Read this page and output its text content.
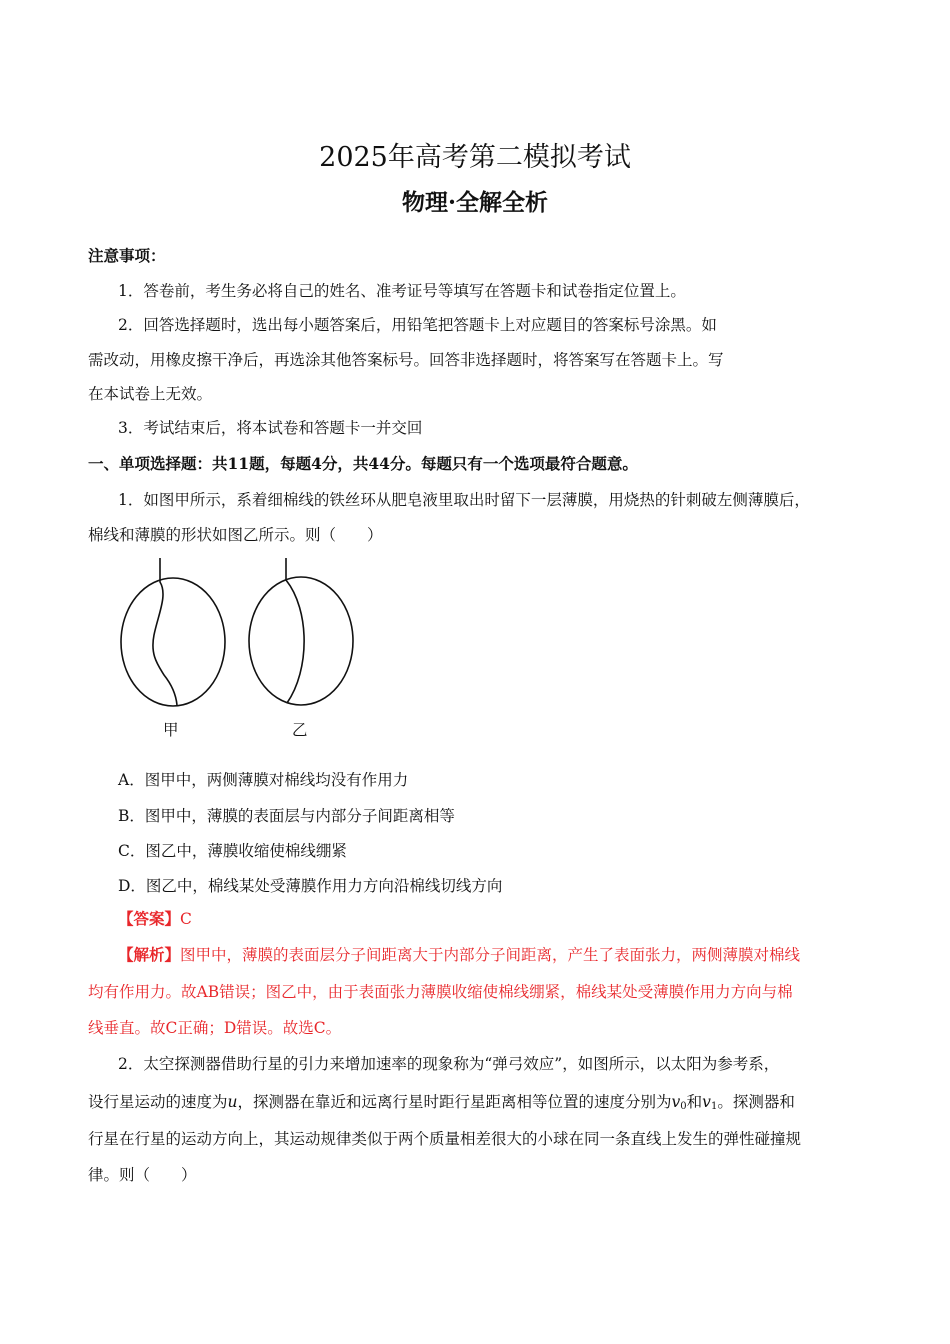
2025年高考第二模拟考试
物理·全解全析
注意事项：
1．答卷前，考生务必将自己的姓名、准考证号等填写在答题卡和试卷指定位置上。
2．回答选择题时，选出每小题答案后，用铅笔把答题卡上对应题目的答案标号涂黑。如
需改动，用橡皮擦干净后，再选涂其他答案标号。回答非选择题时，将答案写在答题卡上。写
在本试卷上无效。
3．考试结束后，将本试卷和答题卡一并交回
一、单项选择题：共11题，每题4分，共44分。每题只有一个选项最符合题意。
1．如图甲所示，系着细棉线的铁丝环从肥皂液里取出时留下一层薄膜，用烧热的针刺破左侧薄膜后，
棉线和薄膜的形状如图乙所示。则（　　）
甲	乙
A．图甲中，两侧薄膜对棉线均没有作用力
B．图甲中，薄膜的表面层与内部分子间距离相等
C．图乙中，薄膜收缩使棉线绷紧
D．图乙中，棉线某处受薄膜作用力方向沿棉线切线方向
【答案】C
【解析】图甲中，薄膜的表面层分子间距离大于内部分子间距离，产生了表面张力，两侧薄膜对棉线
均有作用力。故AB错误；图乙中，由于表面张力薄膜收缩使棉线绷紧，棉线某处受薄膜作用力方向与棉
线垂直。故C正确；D错误。故选C。
2．太空探测器借助行星的引力来增加速率的现象称为“弹弓效应”，如图所示，以太阳为参考系，
设行星运动的速度为u，探测器在靠近和远离行星时距行星距离相等位置的速度分别为$v_0$和$v_1$。探测器和
行星在行星的运动方向上，其运动规律类似于两个质量相差很大的小球在同一条直线上发生的弹性碰撞规
律。则（　　）
